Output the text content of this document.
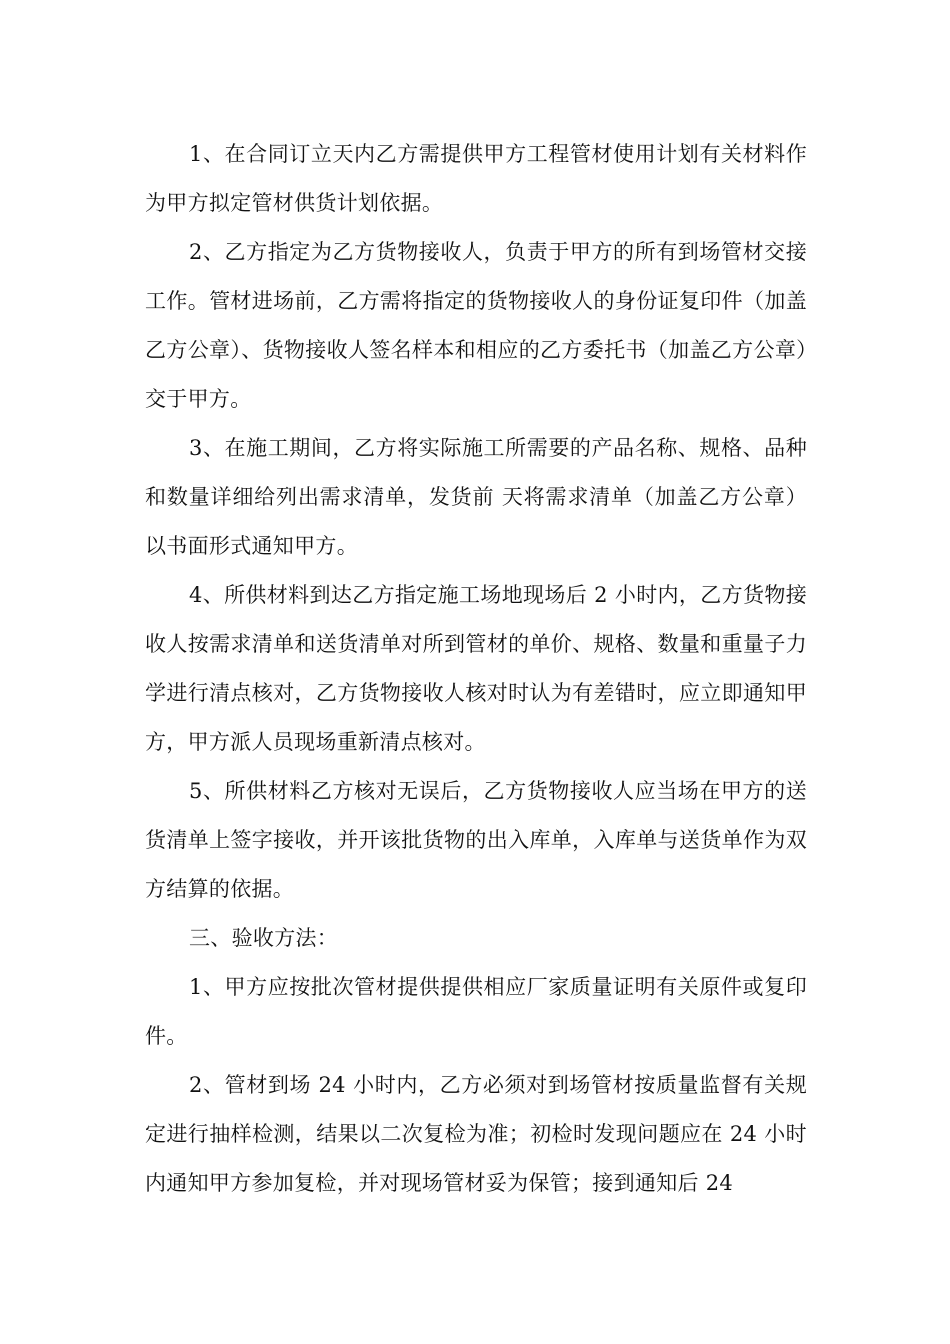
1、在合同订立天内乙方需提供甲方工程管材使用计划有关材料作为甲方拟定管材供货计划依据。

2、乙方指定为乙方货物接收人，负责于甲方的所有到场管材交接工作。管材进场前，乙方需将指定的货物接收人的身份证复印件（加盖乙方公章）、货物接收人签名样本和相应的乙方委托书（加盖乙方公章）交于甲方。

3、在施工期间，乙方将实际施工所需要的产品名称、规格、品种和数量详细给列出需求清单，发货前 天将需求清单（加盖乙方公章）以书面形式通知甲方。

4、所供材料到达乙方指定施工场地现场后 2 小时内，乙方货物接收人按需求清单和送货清单对所到管材的单价、规格、数量和重量子力学进行清点核对，乙方货物接收人核对时认为有差错时，应立即通知甲方，甲方派人员现场重新清点核对。

5、所供材料乙方核对无误后，乙方货物接收人应当场在甲方的送货清单上签字接收，并开该批货物的出入库单，入库单与送货单作为双方结算的依据。

三、验收方法：

1、甲方应按批次管材提供提供相应厂家质量证明有关原件或复印件。

2、管材到场 24 小时内，乙方必须对到场管材按质量监督有关规定进行抽样检测，结果以二次复检为准；初检时发现问题应在 24 小时内通知甲方参加复检，并对现场管材妥为保管；接到通知后 24
